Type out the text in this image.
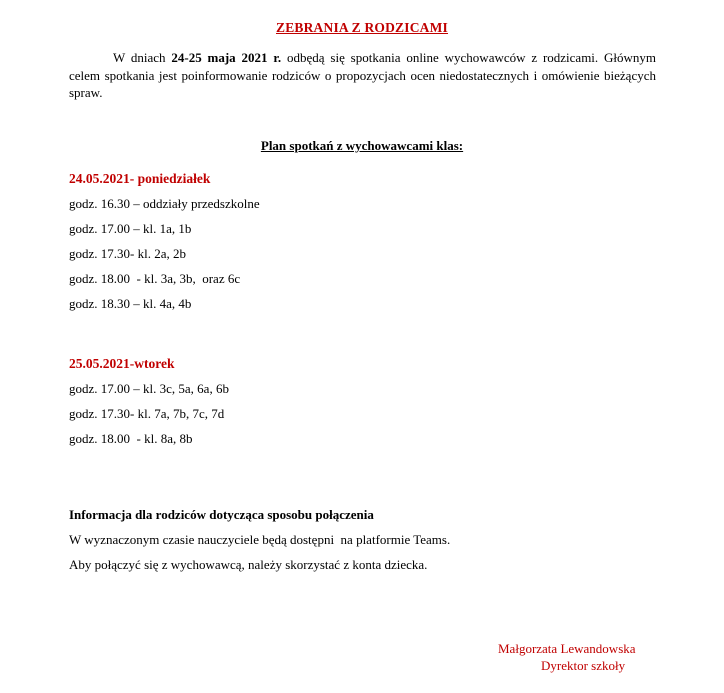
ZEBRANIA Z RODZICAMI
W dniach 24-25 maja 2021 r. odbędą się spotkania online wychowawców z rodzicami. Głównym celem spotkania jest poinformowanie rodziców o propozycjach ocen niedostatecznych i omówienie bieżących spraw.
Plan spotkań z wychowawcami klas:
24.05.2021- poniedziałek
godz. 16.30 – oddziały przedszkolne
godz. 17.00 – kl. 1a, 1b
godz. 17.30- kl. 2a, 2b
godz. 18.00  - kl. 3a, 3b,  oraz 6c
godz. 18.30 – kl. 4a, 4b
25.05.2021-wtorek
godz. 17.00 – kl. 3c, 5a, 6a, 6b
godz. 17.30- kl. 7a, 7b, 7c, 7d
godz. 18.00  - kl. 8a, 8b
Informacja dla rodziców dotycząca sposobu połączenia
W wyznaczonym czasie nauczyciele będą dostępni  na platformie Teams.
Aby połączyć się z wychowawcą, należy skorzystać z konta dziecka.
Małgorzata Lewandowska
Dyrektor szkoły
